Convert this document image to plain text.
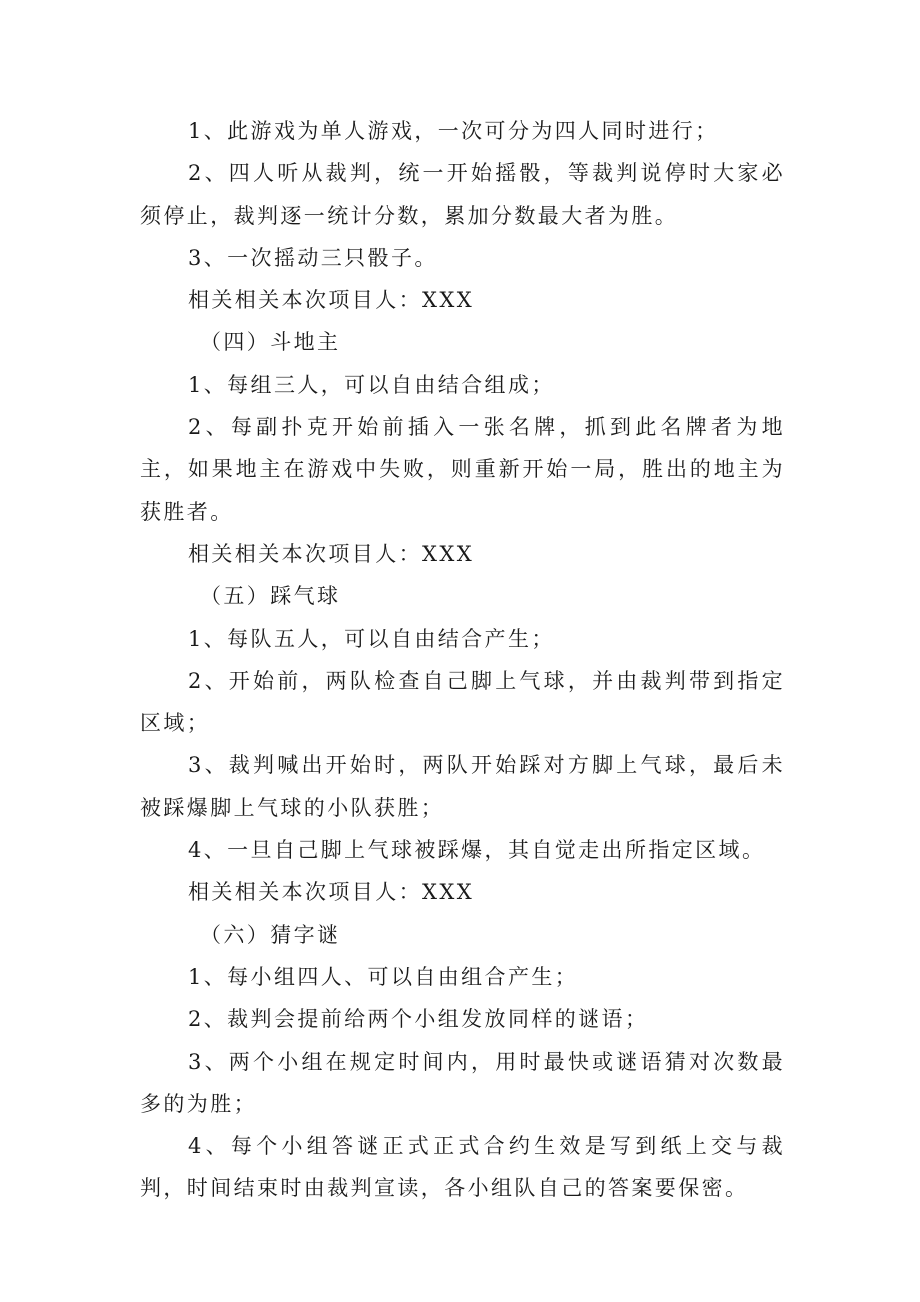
1、此游戏为单人游戏，一次可分为四人同时进行；

2、四人听从裁判，统一开始摇骰，等裁判说停时大家必须停止，裁判逐一统计分数，累加分数最大者为胜。

3、一次摇动三只骰子。

相关相关本次项目人：XXX

（四）斗地主

1、每组三人，可以自由结合组成；

2、每副扑克开始前插入一张名牌，抓到此名牌者为地主，如果地主在游戏中失败，则重新开始一局，胜出的地主为获胜者。

相关相关本次项目人：XXX

（五）踩气球

1、每队五人，可以自由结合产生；

2、开始前，两队检查自己脚上气球，并由裁判带到指定区域；

3、裁判喊出开始时，两队开始踩对方脚上气球，最后未被踩爆脚上气球的小队获胜；

4、一旦自己脚上气球被踩爆，其自觉走出所指定区域。

相关相关本次项目人：XXX

（六）猜字谜

1、每小组四人、可以自由组合产生；

2、裁判会提前给两个小组发放同样的谜语；

3、两个小组在规定时间内，用时最快或谜语猜对次数最多的为胜；

4、每个小组答谜正式正式合约生效是写到纸上交与裁判，时间结束时由裁判宣读，各小组队自己的答案要保密。
